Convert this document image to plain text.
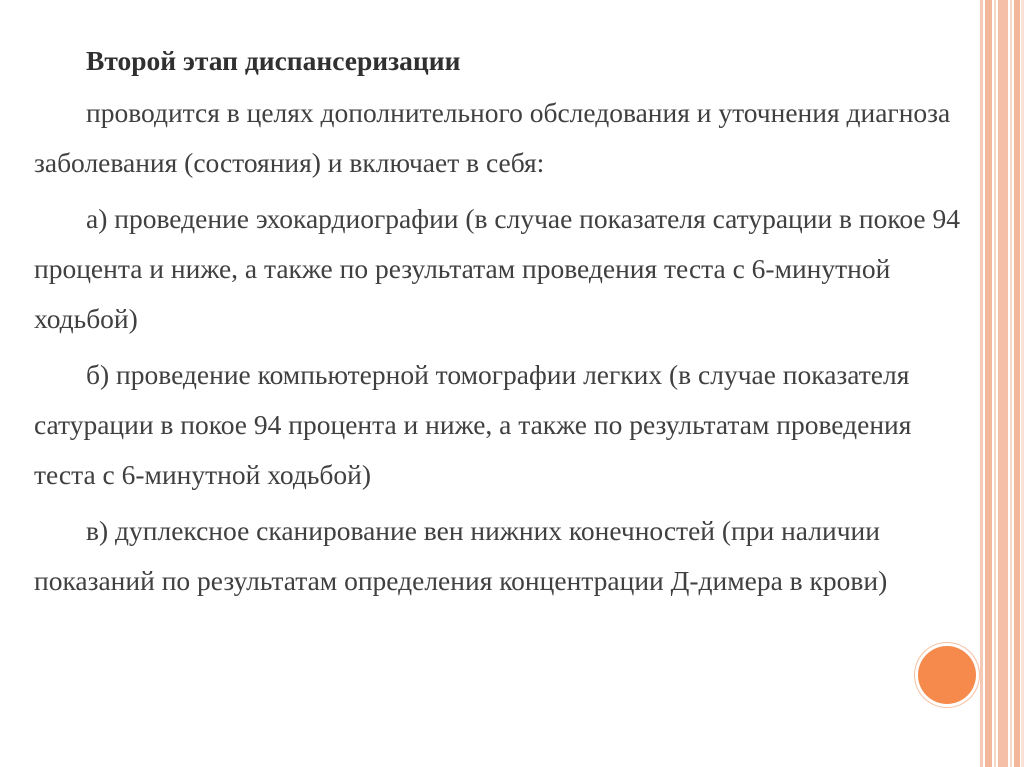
Второй этап диспансеризации

проводится в целях дополнительного обследования и уточнения диагноза заболевания (состояния) и включает в себя:

а) проведение эхокардиографии (в случае показателя сатурации в покое 94 процента и ниже, а также по результатам проведения теста с 6-минутной ходьбой)

б) проведение компьютерной томографии легких (в случае показателя сатурации в покое 94 процента и ниже, а также по результатам проведения теста с 6-минутной ходьбой)

в) дуплексное сканирование вен нижних конечностей (при наличии показаний по результатам определения концентрации Д-димера в крови)
